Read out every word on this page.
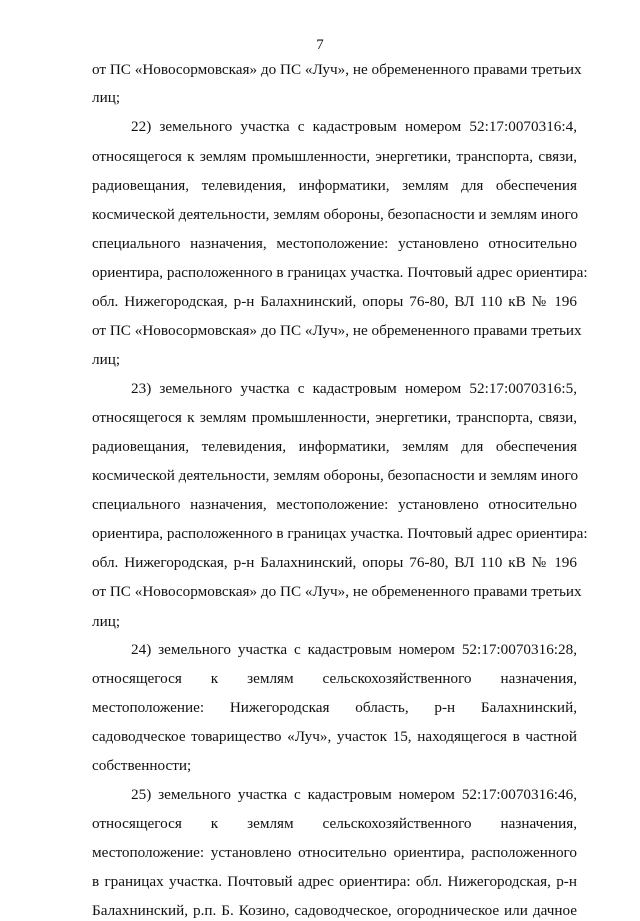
7
от ПС «Новосормовская» до ПС «Луч», не обремененного правами третьих
лиц;
22) земельного участка с кадастровым номером 52:17:0070316:4,
относящегося к землям промышленности, энергетики, транспорта, связи,
радиовещания, телевидения, информатики, землям для обеспечения
космической деятельности, землям обороны, безопасности и землям иного
специального назначения, местоположение: установлено относительно
ориентира, расположенного в границах участка. Почтовый адрес ориентира:
обл. Нижегородская, р-н Балахнинский, опоры 76-80, ВЛ 110 кВ № 196
от ПС «Новосормовская» до ПС «Луч», не обремененного правами третьих
лиц;
23) земельного участка с кадастровым номером 52:17:0070316:5,
относящегося к землям промышленности, энергетики, транспорта, связи,
радиовещания, телевидения, информатики, землям для обеспечения
космической деятельности, землям обороны, безопасности и землям иного
специального назначения, местоположение: установлено относительно
ориентира, расположенного в границах участка. Почтовый адрес ориентира:
обл. Нижегородская, р-н Балахнинский, опоры 76-80, ВЛ 110 кВ № 196
от ПС «Новосормовская» до ПС «Луч», не обремененного правами третьих
лиц;
24) земельного участка с кадастровым номером 52:17:0070316:28,
относящегося к землям сельскохозяйственного назначения,
местоположение: Нижегородская область, р-н Балахнинский,
садоводческое товарищество «Луч», участок 15, находящегося в частной
собственности;
25) земельного участка с кадастровым номером 52:17:0070316:46,
относящегося к землям сельскохозяйственного назначения,
местоположение: установлено относительно ориентира, расположенного
в границах участка. Почтовый адрес ориентира: обл. Нижегородская, р-н
Балахнинский, р.п. Б. Козино, садоводческое, огородническое или дачное
